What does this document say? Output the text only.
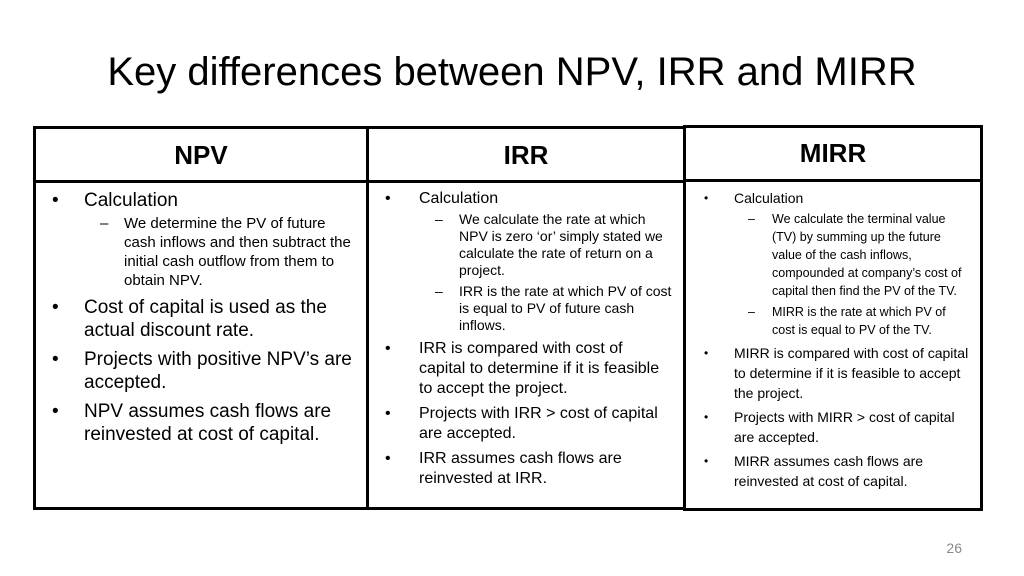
Key differences between NPV, IRR and MIRR
NPV
• Calculation
– We determine the PV of future cash inflows and then subtract the initial cash outflow from them to obtain NPV.
• Cost of capital is used as the actual discount rate.
• Projects with positive NPV’s are accepted.
• NPV assumes cash flows are reinvested at cost of capital.
IRR
• Calculation
– We calculate the rate at which NPV is zero ‘or’ simply stated we calculate the rate of return on a project.
– IRR is the rate at which PV of cost is equal to PV of future cash inflows.
• IRR is compared with cost of capital to determine if it is feasible to accept the project.
• Projects with IRR > cost of capital are accepted.
• IRR assumes cash flows are reinvested at IRR.
MIRR
• Calculation
– We calculate the terminal value (TV) by summing up the future value of the cash inflows, compounded at company’s cost of capital then find the PV of the TV.
– MIRR is the rate at which PV of cost is equal to PV of the TV.
• MIRR is compared with cost of capital to determine if it is feasible to accept the project.
• Projects with MIRR > cost of capital are accepted.
• MIRR assumes cash flows are reinvested at cost of capital.
26
